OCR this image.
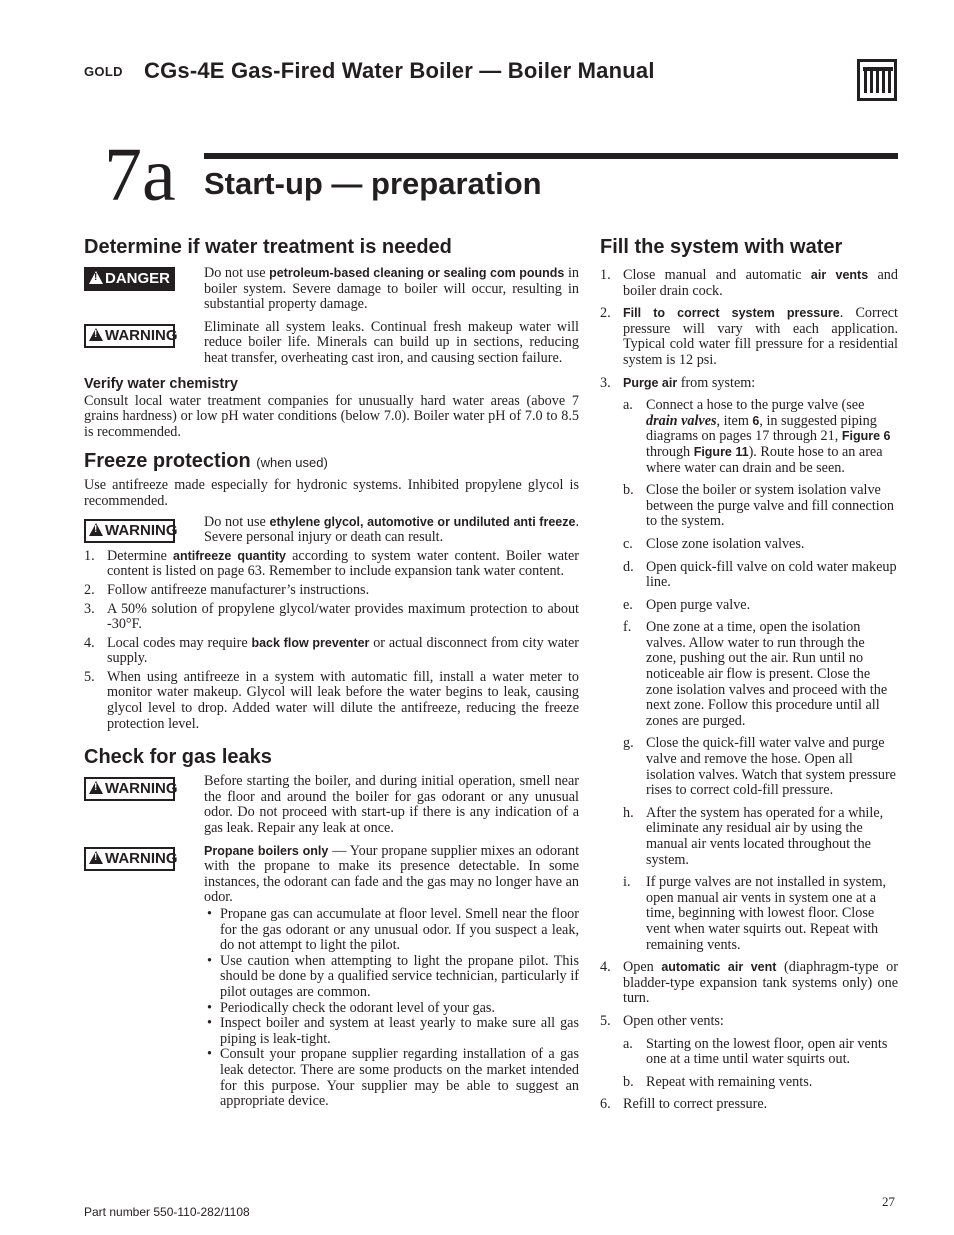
GOLD CGs-4E Gas-Fired Water Boiler — Boiler Manual
7a Start-up — preparation
Determine if water treatment is needed
!DANGER	Do not use petroleum-based cleaning or sealing com pounds in boiler system. Severe damage to boiler will occur, resulting in substantial property damage.
!WARNING Eliminate all system leaks. Continual fresh makeup water will reduce boiler life. Minerals can build up in sections, reducing heat transfer, overheating cast iron, and causing section failure.
Verify water chemistry

Consult local water treatment companies for unusually hard water areas (above 7 grains hardness) or low pH water conditions (below 7.0). Boiler water pH of 7.0 to 8.5 is recommended.

Freeze protection (when used)

Use antifreeze made especially for hydronic systems. Inhibited propylene glycol is recommended.

!WARNING Do not use ethylene glycol, automotive or undiluted anti freeze. Severe personal injury or death can result.
1. Determine antifreeze quantity according to system water content. Boiler water content is listed on page 63. Remember to include expansion tank water content.
2. Follow antifreeze manufacturer’s instructions.
3. A 50% solution of propylene glycol/water provides maximum protection to about -30°F.
4. Local codes may require back flow preventer or actual disconnect from city water supply.
5. When using antifreeze in a system with automatic fill, install a water meter to monitor water makeup. Glycol will leak before the water begins to leak, causing glycol level to drop. Added water will dilute the antifreeze, reducing the freeze protection level.
Check for gas leaks
!WARNING Before starting the boiler, and during initial operation, smell near the floor and around the boiler for gas odorant or any unusual odor. Do not proceed with start-up if there is any indication of a gas leak. Repair any leak at once.
!WARNING Propane boilers only — Your propane supplier mixes an odorant with the propane to make its presence detectable. In some instances, the odorant can fade and the gas may no longer have an odor.
• Propane gas can accumulate at floor level. Smell near the floor for the gas odorant or any unusual odor. If you suspect a leak, do not attempt to light the pilot.
• Use caution when attempting to light the propane pilot. This should be done by a qualified service technician, particularly if pilot outages are common.
• Periodically check the odorant level of your gas.
• Inspect boiler and system at least yearly to make sure all gas piping is leak-tight.
• Consult your propane supplier regarding installation of a gas leak detector. There are some products on the market intended for this purpose. Your supplier may be able to suggest an appropriate device.
Fill the system with water
1. Close manual and automatic air vents and boiler drain cock.
2. Fill to correct system pressure. Correct pressure will vary with each application. Typical cold water fill pressure for a residential system is 12 psi.
3. Purge air from system:
a. Connect a hose to the purge valve (see drain valves, item 6, in suggested piping diagrams on pages 17 through 21, Figure 6 through Figure 11). Route hose to an area where water can drain and be seen.
b. Close the boiler or system isolation valve between the purge valve and fill connection to the system.
c. Close zone isolation valves.
d. Open quick-fill valve on cold water makeup line.
e. Open purge valve.
f. One zone at a time, open the isolation valves. Allow water to run through the zone, pushing out the air. Run until no noticeable air flow is present. Close the zone isolation valves and proceed with the next zone. Follow this procedure until all zones are purged.
g. Close the quick-fill water valve and purge valve and remove the hose. Open all isolation valves. Watch that system pressure rises to correct cold-fill pressure.
h. After the system has operated for a while, eliminate any residual air by using the manual air vents located throughout the system.
i. If purge valves are not installed in system, open manual air vents in system one at a time, beginning with lowest floor. Close vent when water squirts out. Repeat with remaining vents.
4. Open automatic air vent (diaphragm-type or bladder-type expansion tank systems only) one turn.
5. Open other vents:
a. Starting on the lowest floor, open air vents one at a time until water squirts out.
b. Repeat with remaining vents.
6. Refill to correct pressure.
Part number 550-110-282/1108
27
